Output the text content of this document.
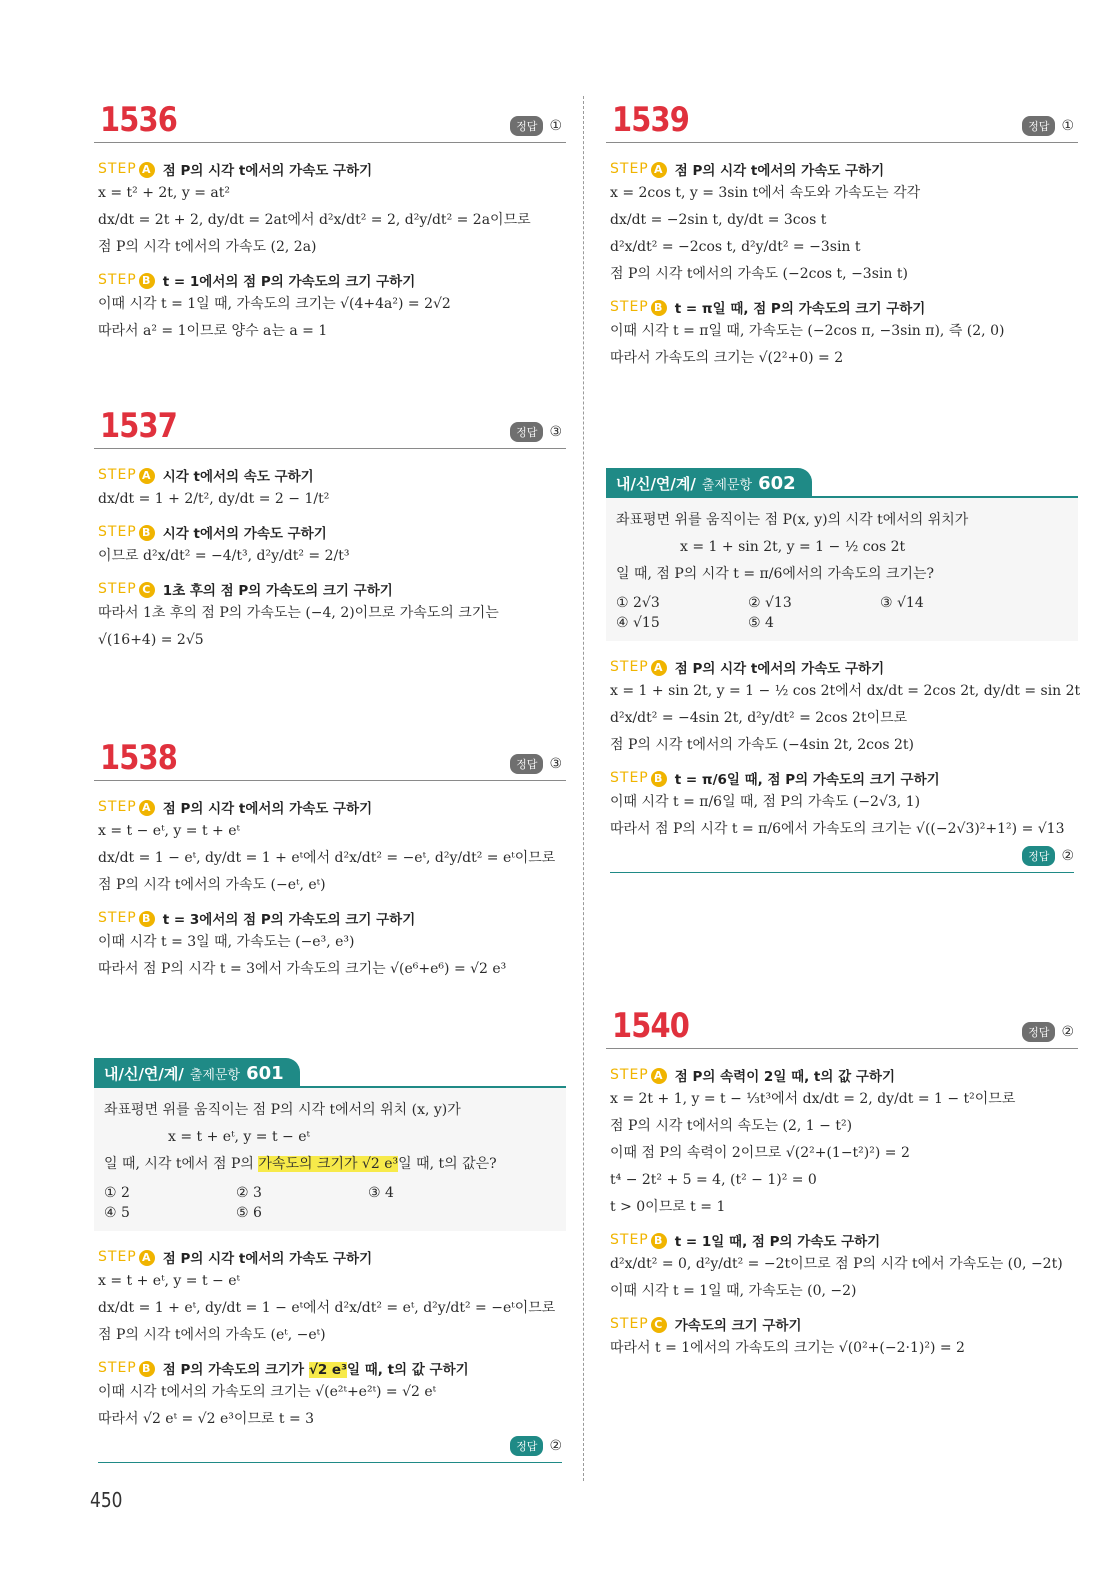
1536	정답 ①
STEP A 점 P의 시각 t에서의 가속도 구하기
x = t² + 2t, y = at²
dx/dt = 2t + 2, dy/dt = 2at에서 d²x/dt² = 2, d²y/dt² = 2a이므로
점 P의 시각 t에서의 가속도 (2, 2a)
STEP B t = 1에서의 점 P의 가속도의 크기 구하기
이때 시각 t = 1일 때, 가속도의 크기는 √(4+4a²) = 2√2
따라서 a² = 1이므로 양수 a는 a = 1
1537	정답 ③
STEP A 시각 t에서의 속도 구하기
dx/dt = 1 + 2/t², dy/dt = 2 − 1/t²
STEP B 시각 t에서의 가속도 구하기
이므로 d²x/dt² = −4/t³, d²y/dt² = 2/t³
STEP C 1초 후의 점 P의 가속도의 크기 구하기
따라서 1초 후의 점 P의 가속도는 (−4, 2)이므로 가속도의 크기는
√(16+4) = 2√5
1538	정답 ③
STEP A 점 P의 시각 t에서의 가속도 구하기
x = t − eᵗ, y = t + eᵗ
dx/dt = 1 − eᵗ, dy/dt = 1 + eᵗ에서 d²x/dt² = −eᵗ, d²y/dt² = eᵗ이므로
점 P의 시각 t에서의 가속도 (−eᵗ, eᵗ)
STEP B t = 3에서의 점 P의 가속도의 크기 구하기
이때 시각 t = 3일 때, 가속도는 (−e³, e³)
따라서 점 P의 시각 t = 3에서 가속도의 크기는 √(e⁶+e⁶) = √2 e³
내/신/연/계/ 출제문항 601
좌표평면 위를 움직이는 점 P의 시각 t에서의 위치 (x, y)가
x = t + eᵗ, y = t − eᵗ
일 때, 시각 t에서 점 P의 가속도의 크기가 √2 e³일 때, t의 값은?
① 2	② 3	③ 4
④ 5	⑤ 6
STEP A 점 P의 시각 t에서의 가속도 구하기
x = t + eᵗ, y = t − eᵗ
dx/dt = 1 + eᵗ, dy/dt = 1 − eᵗ에서 d²x/dt² = eᵗ, d²y/dt² = −eᵗ이므로
점 P의 시각 t에서의 가속도 (eᵗ, −eᵗ)
STEP B 점 P의 가속도의 크기가 √2 e³일 때, t의 값 구하기
이때 시각 t에서의 가속도의 크기는 √(e²ᵗ+e²ᵗ) = √2 eᵗ
따라서 √2 eᵗ = √2 e³이므로 t = 3
정답 ②
1539	정답 ①
STEP A 점 P의 시각 t에서의 가속도 구하기
x = 2cos t, y = 3sin t에서 속도와 가속도는 각각
dx/dt = −2sin t, dy/dt = 3cos t
d²x/dt² = −2cos t, d²y/dt² = −3sin t
점 P의 시각 t에서의 가속도 (−2cos t, −3sin t)
STEP B t = π일 때, 점 P의 가속도의 크기 구하기
이때 시각 t = π일 때, 가속도는 (−2cos π, −3sin π), 즉 (2, 0)
따라서 가속도의 크기는 √(2²+0) = 2
내/신/연/계/ 출제문항 602
좌표평면 위를 움직이는 점 P(x, y)의 시각 t에서의 위치가
x = 1 + sin 2t, y = 1 − ½ cos 2t
일 때, 점 P의 시각 t = π/6에서의 가속도의 크기는?
① 2√3	② √13	③ √14
④ √15	⑤ 4
STEP A 점 P의 시각 t에서의 가속도 구하기
x = 1 + sin 2t, y = 1 − ½ cos 2t에서 dx/dt = 2cos 2t, dy/dt = sin 2t
d²x/dt² = −4sin 2t, d²y/dt² = 2cos 2t이므로
점 P의 시각 t에서의 가속도 (−4sin 2t, 2cos 2t)
STEP B t = π/6일 때, 점 P의 가속도의 크기 구하기
이때 시각 t = π/6일 때, 점 P의 가속도 (−2√3, 1)
따라서 점 P의 시각 t = π/6에서 가속도의 크기는 √((−2√3)²+1²) = √13
정답 ②
1540	정답 ②
STEP A 점 P의 속력이 2일 때, t의 값 구하기
x = 2t + 1, y = t − ⅓t³에서 dx/dt = 2, dy/dt = 1 − t²이므로
점 P의 시각 t에서의 속도는 (2, 1 − t²)
이때 점 P의 속력이 2이므로 √(2²+(1−t²)²) = 2
t⁴ − 2t² + 5 = 4, (t² − 1)² = 0
t > 0이므로 t = 1
STEP B t = 1일 때, 점 P의 가속도 구하기
d²x/dt² = 0, d²y/dt² = −2t이므로 점 P의 시각 t에서 가속도는 (0, −2t)
이때 시각 t = 1일 때, 가속도는 (0, −2)
STEP C 가속도의 크기 구하기
따라서 t = 1에서의 가속도의 크기는 √(0²+(−2·1)²) = 2
450
